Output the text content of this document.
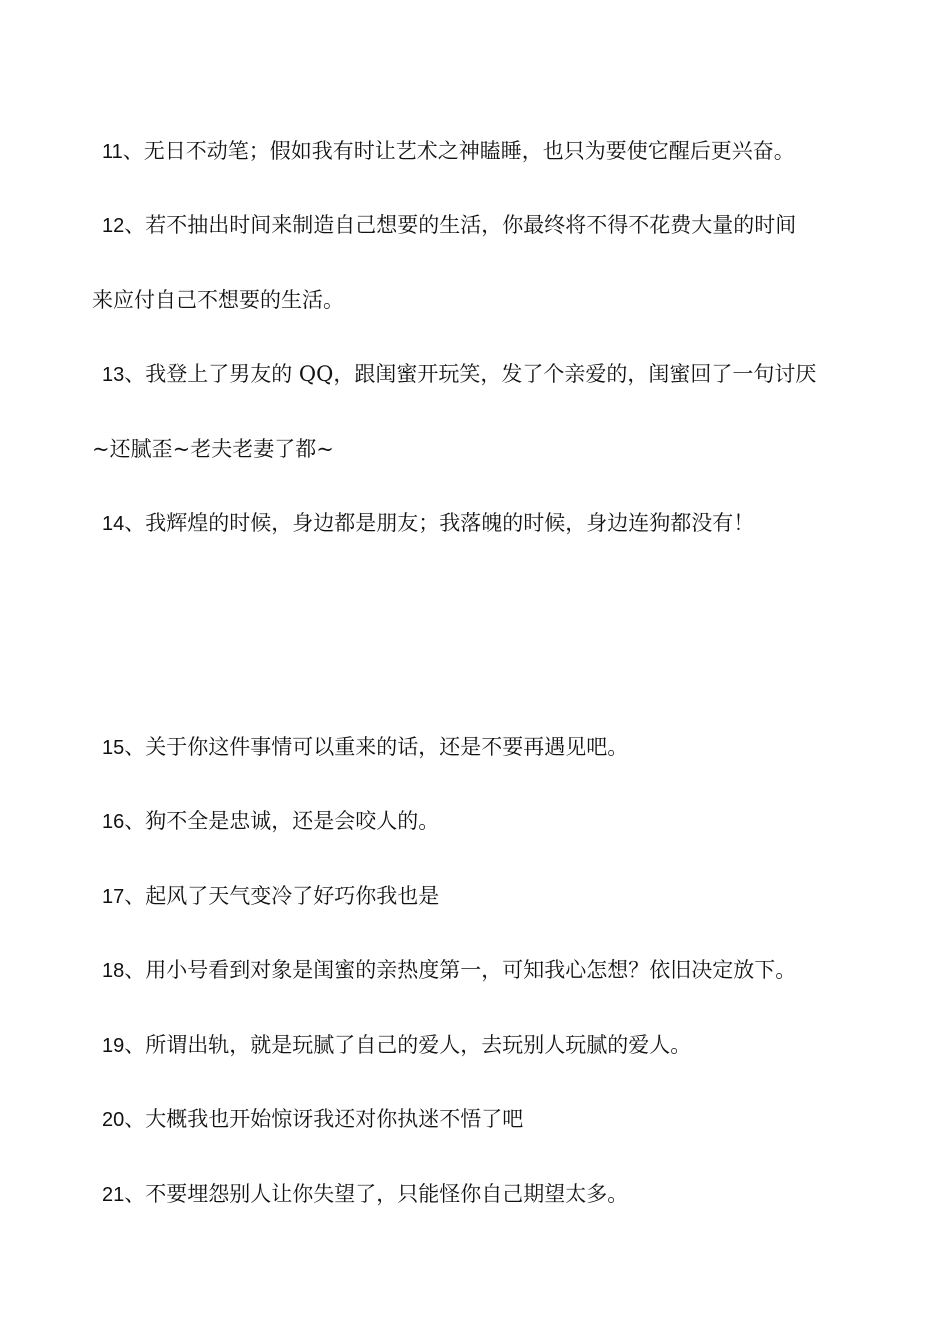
11、无日不动笔；假如我有时让艺术之神瞌睡，也只为要使它醒后更兴奋。

12、若不抽出时间来制造自己想要的生活，你最终将不得不花费大量的时间

来应付自己不想要的生活。

13、我登上了男友的 QQ，跟闺蜜开玩笑，发了个亲爱的，闺蜜回了一句讨厌

~还腻歪~老夫老妻了都~

14、我辉煌的时候，身边都是朋友；我落魄的时候，身边连狗都没有！

15、关于你这件事情可以重来的话，还是不要再遇见吧。

16、狗不全是忠诚，还是会咬人的。

17、起风了天气变冷了好巧你我也是

18、用小号看到对象是闺蜜的亲热度第一，可知我心怎想？依旧决定放下。

19、所谓出轨，就是玩腻了自己的爱人，去玩别人玩腻的爱人。

20、大概我也开始惊讶我还对你执迷不悟了吧

21、不要埋怨别人让你失望了，只能怪你自己期望太多。
